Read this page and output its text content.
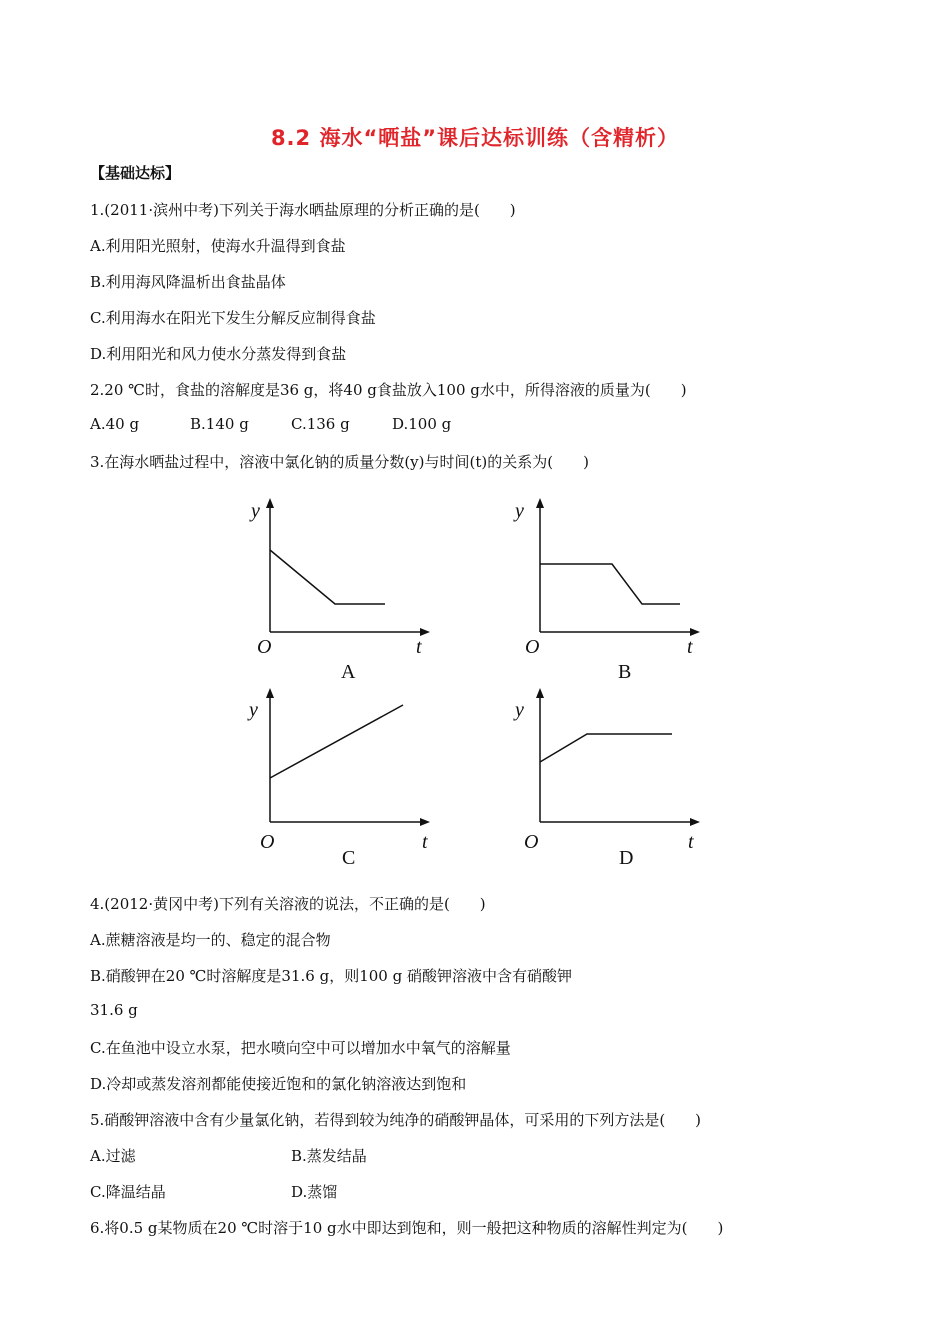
8.2 海水“晒盐”课后达标训练（含精析）
【基础达标】
1.(2011·滨州中考)下列关于海水晒盐原理的分析正确的是(　　)
A.利用阳光照射，使海水升温得到食盐
B.利用海风降温析出食盐晶体
C.利用海水在阳光下发生分解反应制得食盐
D.利用阳光和风力使水分蒸发得到食盐
2.20 ℃时，食盐的溶解度是36 g，将40 g食盐放入100 g水中，所得溶液的质量为(　　)
A.40 g	B.140 g	C.136 g	D.100 g
3.在海水晒盐过程中，溶液中氯化钠的质量分数(y)与时间(t)的关系为(　　)
y
O	t
A
y
O	t
B
y
O	t
C
y
O	t
D
4.(2012·黄冈中考)下列有关溶液的说法，不正确的是(　　)
A.蔗糖溶液是均一的、稳定的混合物
B.硝酸钾在20 ℃时溶解度是31.6 g，则100 g 硝酸钾溶液中含有硝酸钾
31.6 g
C.在鱼池中设立水泵，把水喷向空中可以增加水中氧气的溶解量
D.冷却或蒸发溶剂都能使接近饱和的氯化钠溶液达到饱和
5.硝酸钾溶液中含有少量氯化钠，若得到较为纯净的硝酸钾晶体，可采用的下列方法是(　　)
A.过滤	B.蒸发结晶
C.降温结晶	D.蒸馏
6.将0.5 g某物质在20 ℃时溶于10 g水中即达到饱和，则一般把这种物质的溶解性判定为(　　)
